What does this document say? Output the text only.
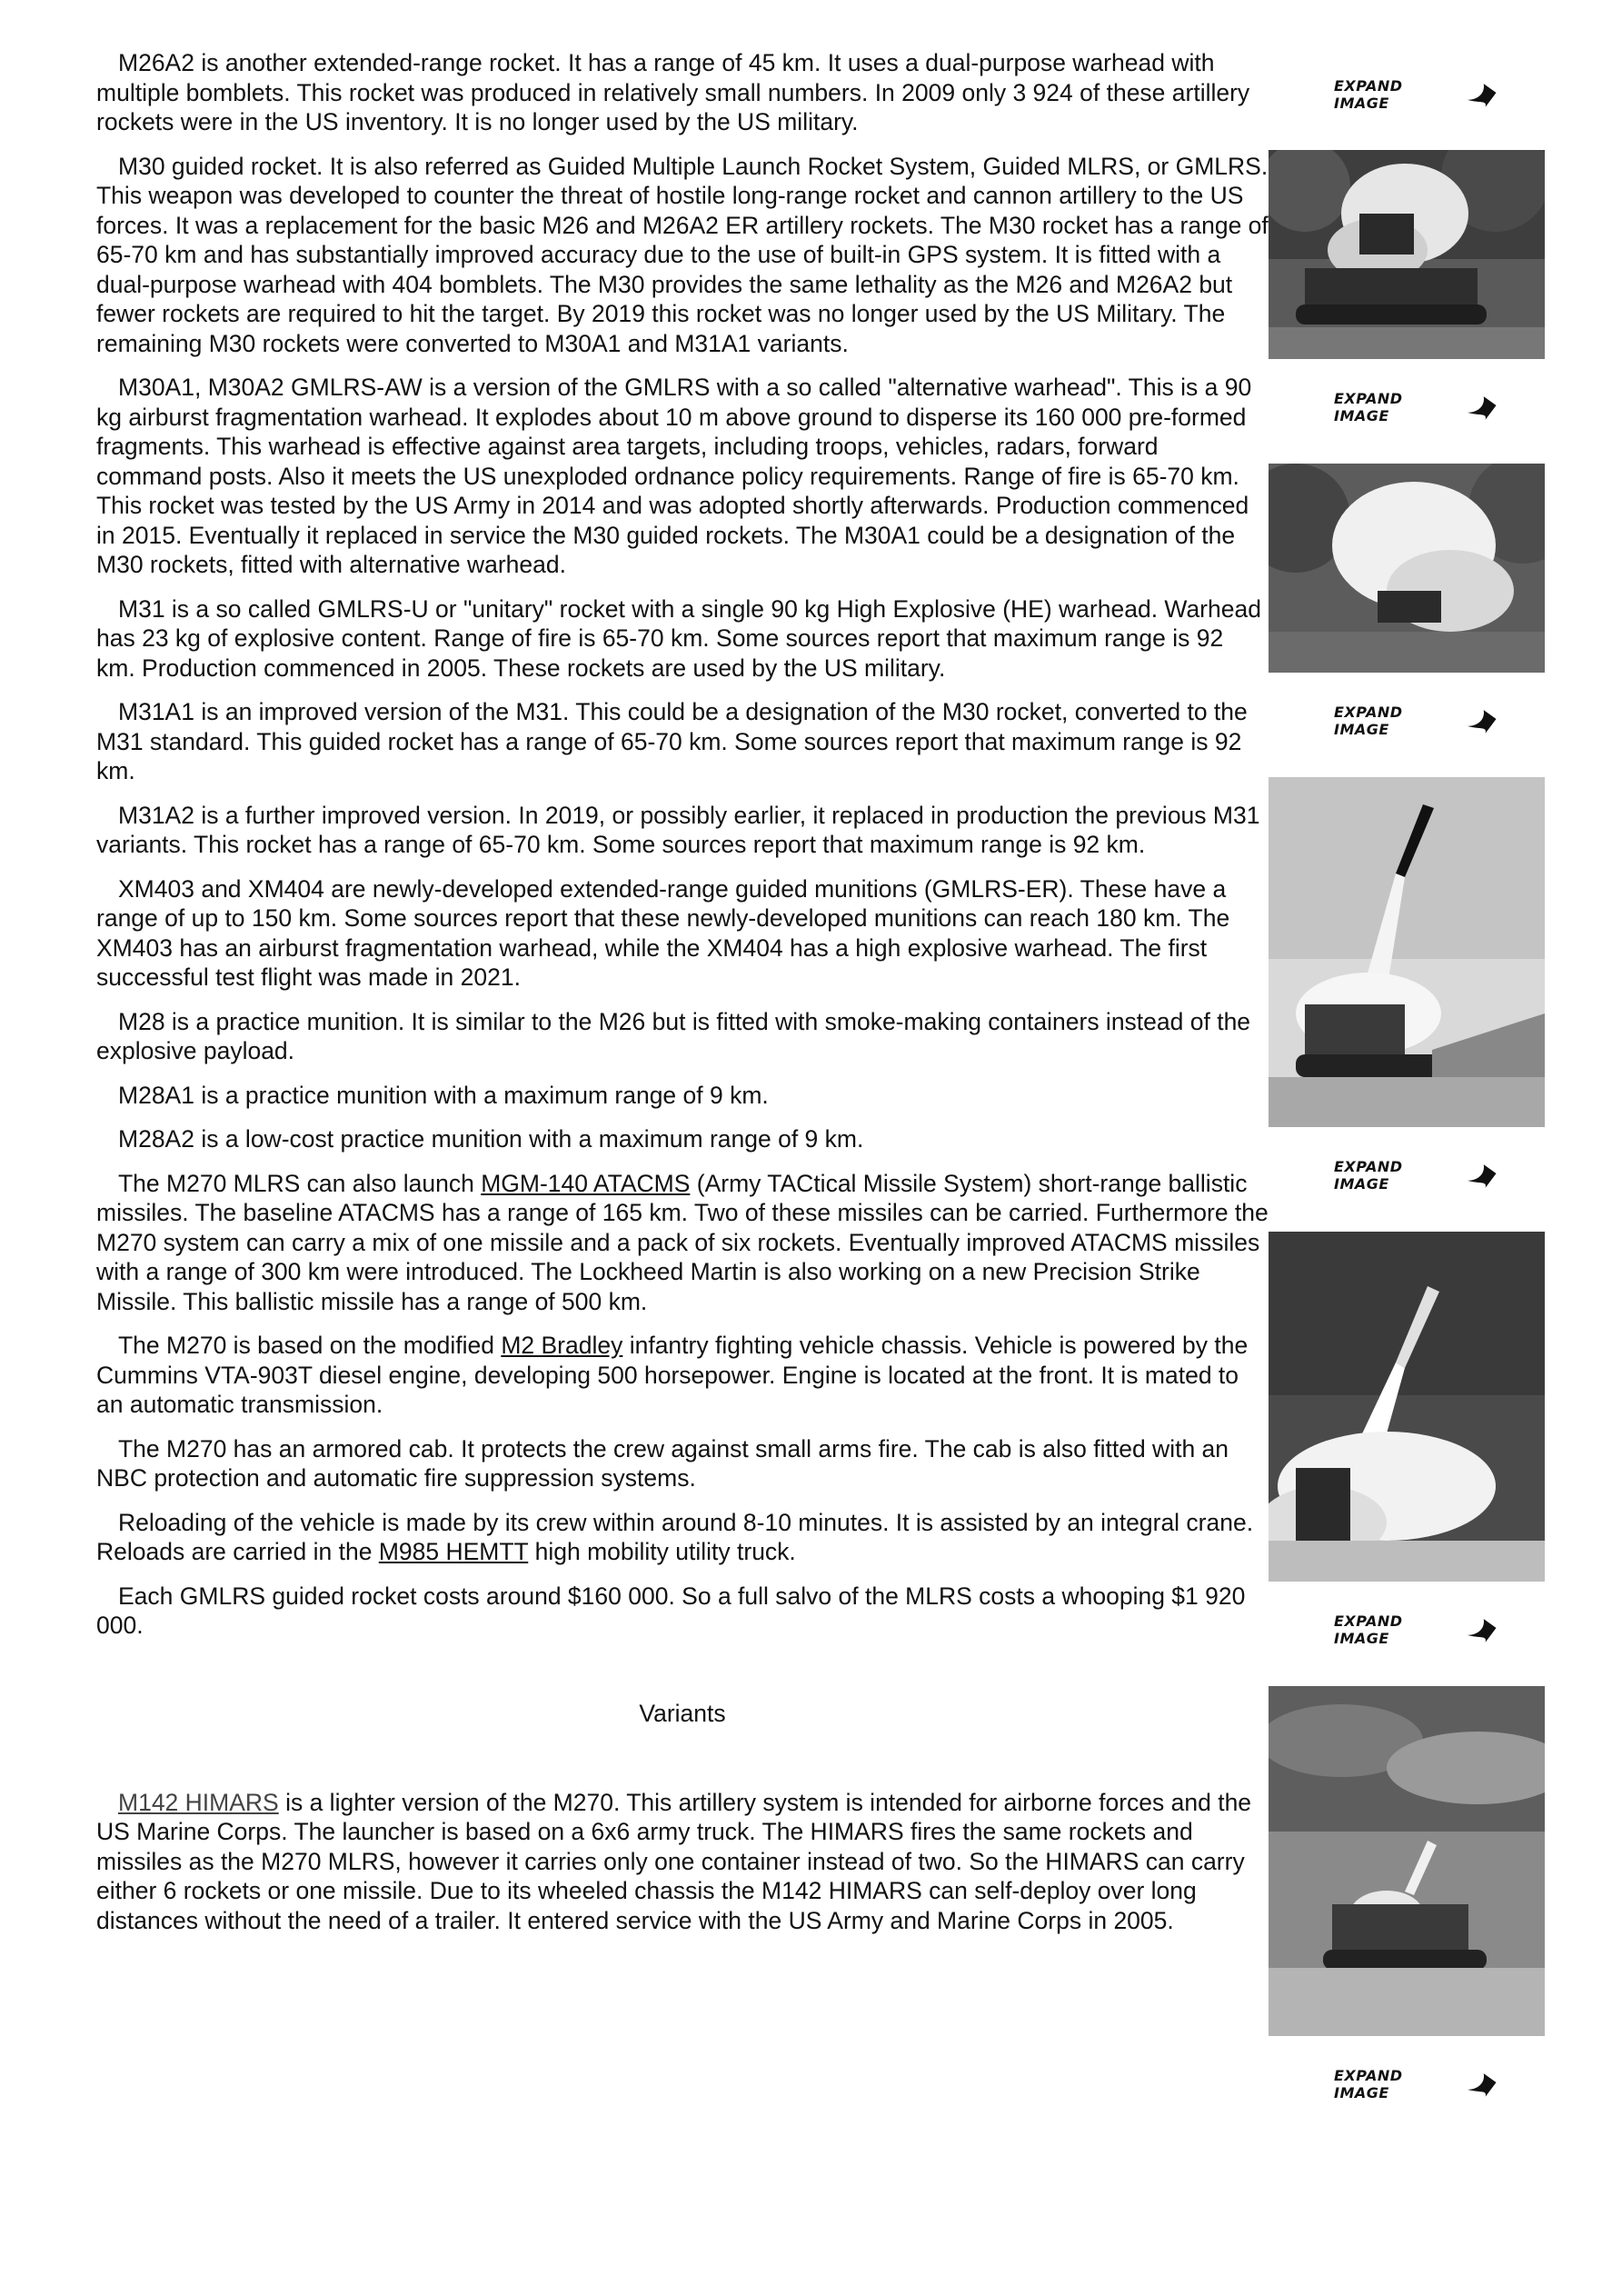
M26A2 is another extended-range rocket. It has a range of 45 km. It uses a dual-purpose warhead with multiple bomblets. This rocket was produced in relatively small numbers. In 2009 only 3 924 of these artillery rockets were in the US inventory. It is no longer used by the US military.

M30 guided rocket. It is also referred as Guided Multiple Launch Rocket System, Guided MLRS, or GMLRS. This weapon was developed to counter the threat of hostile long-range rocket and cannon artillery to the US forces. It was a replacement for the basic M26 and M26A2 ER artillery rockets. The M30 rocket has a range of 65-70 km and has substantially improved accuracy due to the use of built-in GPS system. It is fitted with a dual-purpose warhead with 404 bomblets. The M30 provides the same lethality as the M26 and M26A2 but fewer rockets are required to hit the target. By 2019 this rocket was no longer used by the US Military. The remaining M30 rockets were converted to M30A1 and M31A1 variants.

M30A1, M30A2 GMLRS-AW is a version of the GMLRS with a so called "alternative warhead". This is a 90 kg airburst fragmentation warhead. It explodes about 10 m above ground to disperse its 160 000 pre-formed fragments. This warhead is effective against area targets, including troops, vehicles, radars, forward command posts. Also it meets the US unexploded ordnance policy requirements. Range of fire is 65-70 km. This rocket was tested by the US Army in 2014 and was adopted shortly afterwards. Production commenced in 2015. Eventually it replaced in service the M30 guided rockets. The M30A1 could be a designation of the M30 rockets, fitted with alternative warhead.

M31 is a so called GMLRS-U or "unitary" rocket with a single 90 kg High Explosive (HE) warhead. Warhead has 23 kg of explosive content. Range of fire is 65-70 km. Some sources report that maximum range is 92 km. Production commenced in 2005. These rockets are used by the US military.

M31A1 is an improved version of the M31. This could be a designation of the M30 rocket, converted to the M31 standard. This guided rocket has a range of 65-70 km. Some sources report that maximum range is 92 km.

M31A2 is a further improved version. In 2019, or possibly earlier, it replaced in production the previous M31 variants. This rocket has a range of 65-70 km. Some sources report that maximum range is 92 km.

XM403 and XM404 are newly-developed extended-range guided munitions (GMLRS-ER). These have a range of up to 150 km. Some sources report that these newly-developed munitions can reach 180 km. The XM403 has an airburst fragmentation warhead, while the XM404 has a high explosive warhead. The first successful test flight was made in 2021.

M28 is a practice munition. It is similar to the M26 but is fitted with smoke-making containers instead of the explosive payload.

M28A1 is a practice munition with a maximum range of 9 km.

M28A2 is a low-cost practice munition with a maximum range of 9 km.

The M270 MLRS can also launch MGM-140 ATACMS (Army TACtical Missile System) short-range ballistic missiles. The baseline ATACMS has a range of 165 km. Two of these missiles can be carried. Furthermore the M270 system can carry a mix of one missile and a pack of six rockets. Eventually improved ATACMS missiles with a range of 300 km were introduced. The Lockheed Martin is also working on a new Precision Strike Missile. This ballistic missile has a range of 500 km.

The M270 is based on the modified M2 Bradley infantry fighting vehicle chassis. Vehicle is powered by the Cummins VTA-903T diesel engine, developing 500 horsepower. Engine is located at the front. It is mated to an automatic transmission.

The M270 has an armored cab. It protects the crew against small arms fire. The cab is also fitted with an NBC protection and automatic fire suppression systems.

Reloading of the vehicle is made by its crew within around 8-10 minutes. It is assisted by an integral crane. Reloads are carried in the M985 HEMTT high mobility utility truck.

Each GMLRS guided rocket costs around $160 000. So a full salvo of the MLRS costs a whooping $1 920 000.

Variants

M142 HIMARS is a lighter version of the M270. This artillery system is intended for airborne forces and the US Marine Corps. The launcher is based on a 6x6 army truck. The HIMARS fires the same rockets and missiles as the M270 MLRS, however it carries only one container instead of two. So the HIMARS can carry either 6 rockets or one missile. Due to its wheeled chassis the M142 HIMARS can self-deploy over long distances without the need of a trailer. It entered service with the US Army and Marine Corps in 2005.

EXPAND IMAGE
EXPAND IMAGE
EXPAND IMAGE
EXPAND IMAGE
EXPAND IMAGE
EXPAND IMAGE
